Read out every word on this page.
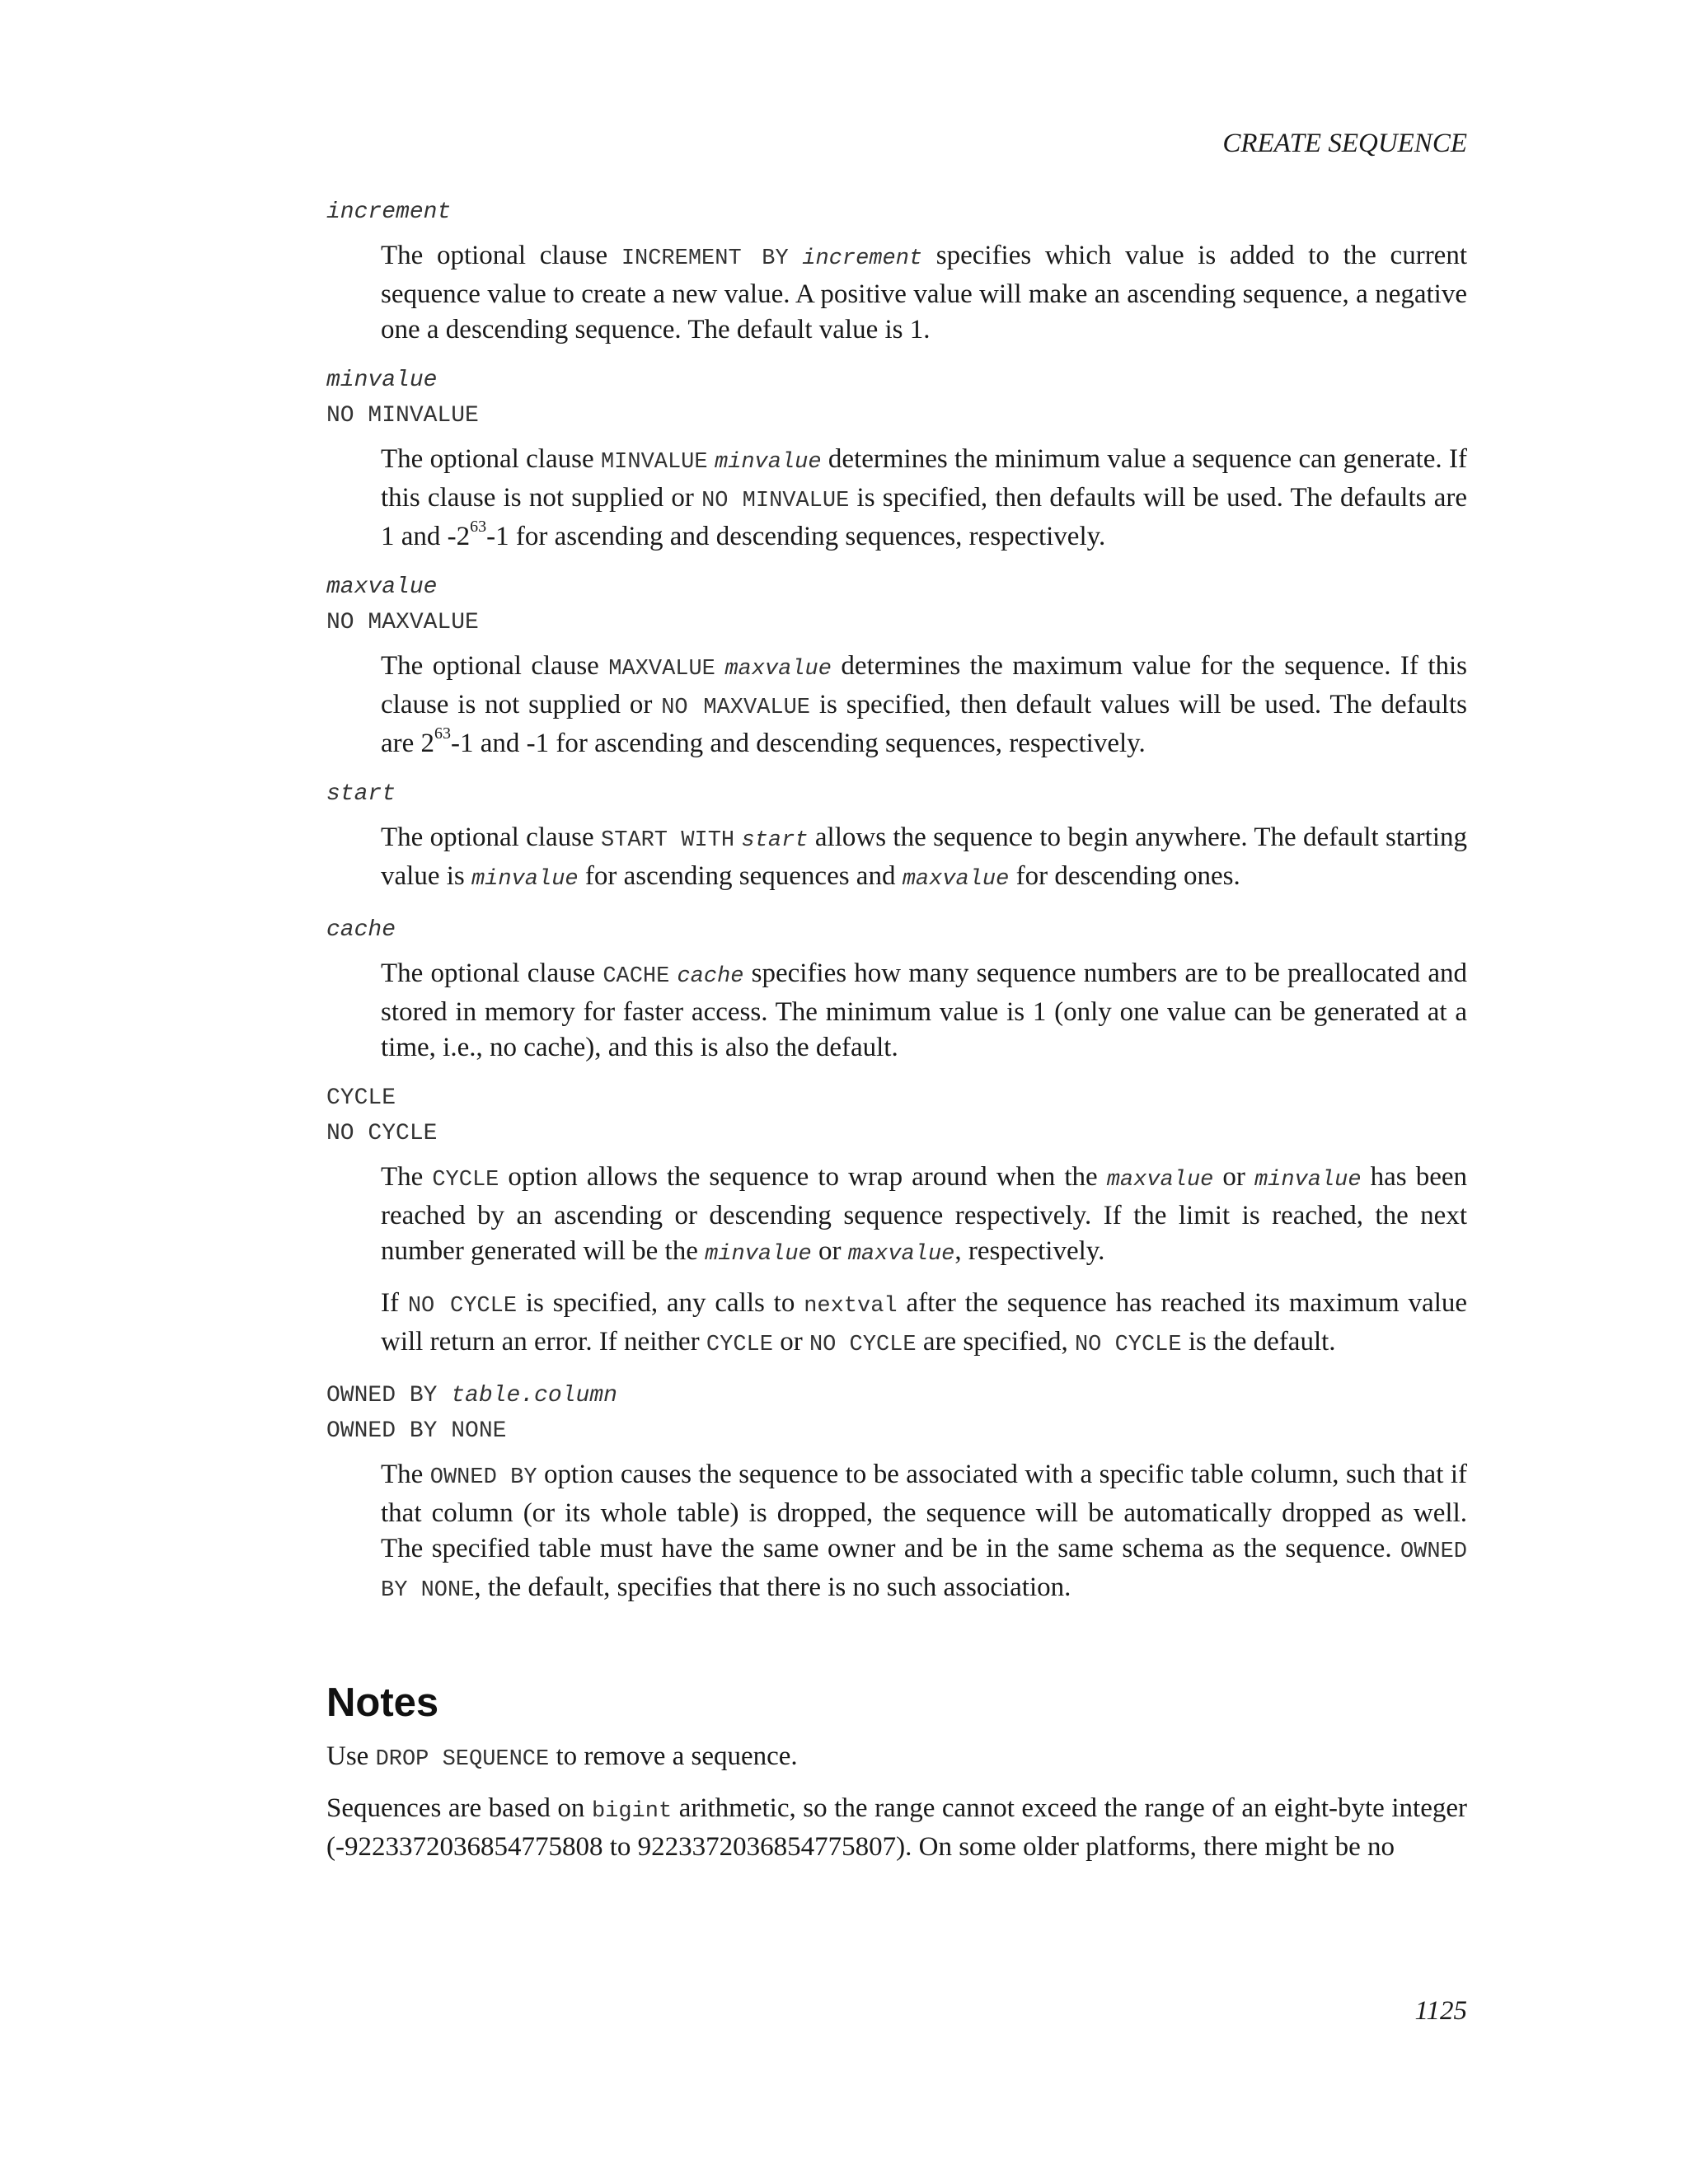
CREATE SEQUENCE
increment

The optional clause INCREMENT BY increment specifies which value is added to the current sequence value to create a new value. A positive value will make an ascending sequence, a negative one a descending sequence. The default value is 1.

minvalue
NO MINVALUE

The optional clause MINVALUE minvalue determines the minimum value a sequence can generate. If this clause is not supplied or NO MINVALUE is specified, then defaults will be used. The defaults are 1 and $-2^{63}-1$ for ascending and descending sequences, respectively.

maxvalue
NO MAXVALUE

The optional clause MAXVALUE maxvalue determines the maximum value for the sequence. If this clause is not supplied or NO MAXVALUE is specified, then default values will be used. The defaults are $2^{63}-1$ and -1 for ascending and descending sequences, respectively.

start

The optional clause START WITH start allows the sequence to begin anywhere. The default starting value is minvalue for ascending sequences and maxvalue for descending ones.

cache

The optional clause CACHE cache specifies how many sequence numbers are to be preallocated and stored in memory for faster access. The minimum value is 1 (only one value can be generated at a time, i.e., no cache), and this is also the default.

CYCLE
NO CYCLE

The CYCLE option allows the sequence to wrap around when the maxvalue or minvalue has been reached by an ascending or descending sequence respectively. If the limit is reached, the next number generated will be the minvalue or maxvalue, respectively.

If NO CYCLE is specified, any calls to nextval after the sequence has reached its maximum value will return an error. If neither CYCLE or NO CYCLE are specified, NO CYCLE is the default.

OWNED BY table.column
OWNED BY NONE

The OWNED BY option causes the sequence to be associated with a specific table column, such that if that column (or its whole table) is dropped, the sequence will be automatically dropped as well. The specified table must have the same owner and be in the same schema as the sequence. OWNED BY NONE, the default, specifies that there is no such association.

Notes

Use DROP SEQUENCE to remove a sequence.

Sequences are based on bigint arithmetic, so the range cannot exceed the range of an eight-byte integer (-9223372036854775808 to 9223372036854775807). On some older platforms, there might be no

1125
